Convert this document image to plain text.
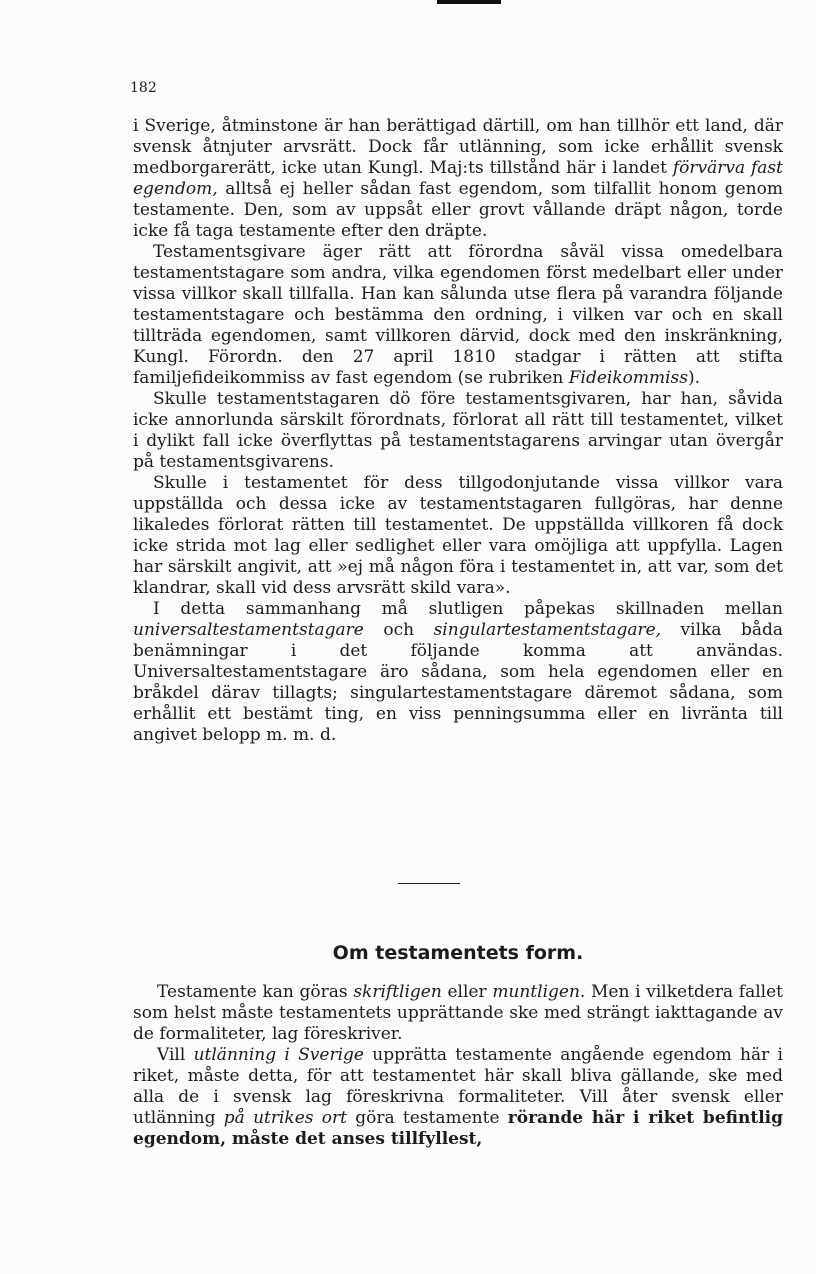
182

i Sverige, åtminstone är han berättigad därtill, om han tillhör ett land, där svensk åtnjuter arvsrätt. Dock får utlänning, som icke erhållit svensk medborgarerätt, icke utan Kungl. Maj:ts tillstånd här i landet förvärva fast egendom, alltså ej heller sådan fast egendom, som tilfallit honom genom testamente. Den, som av uppsåt eller grovt vållande dräpt någon, torde icke få taga testamente efter den dräpte.

Testamentsgivare äger rätt att förordna såväl vissa omedelbara testamentstagare som andra, vilka egendomen först medelbart eller under vissa villkor skall tillfalla. Han kan sålunda utse flera på varandra följande testamentstagare och bestämma den ordning, i vilken var och en skall tillträda egendomen, samt villkoren därvid, dock med den inskränkning, Kungl. Förordn. den 27 april 1810 stadgar i rätten att stifta familjefideikommiss av fast egendom (se rubriken Fideikommiss).

Skulle testamentstagaren dö före testamentsgivaren, har han, såvida icke annorlunda särskilt förordnats, förlorat all rätt till testamentet, vilket i dylikt fall icke överflyttas på testamentstagarens arvingar utan övergår på testamentsgivarens.

Skulle i testamentet för dess tillgodonjutande vissa villkor vara uppställda och dessa icke av testamentstagaren fullgöras, har denne likaledes förlorat rätten till testamentet. De uppställda villkoren få dock icke strida mot lag eller sedlighet eller vara omöjliga att uppfylla. Lagen har särskilt angivit, att »ej må någon föra i testamentet in, att var, som det klandrar, skall vid dess arvsrätt skild vara».

I detta sammanhang må slutligen påpekas skillnaden mellan universaltestamentstagare och singulartestamentstagare, vilka båda benämningar i det följande komma att användas. Universaltestamentstagare äro sådana, som hela egendomen eller en bråkdel därav tillagts; singulartestamentstagare däremot sådana, som erhållit ett bestämt ting, en viss penningsumma eller en livränta till angivet belopp m. m. d.

Om testamentets form.

Testamente kan göras skriftligen eller muntligen. Men i vilketdera fallet som helst måste testamentets upprättande ske med strängt iakttagande av de formaliteter, lag föreskriver.

Vill utlänning i Sverige upprätta testamente angående egendom här i riket, måste detta, för att testamentet här skall bliva gällande, ske med alla de i svensk lag föreskrivna formaliteter. Vill åter svensk eller utlänning på utrikes ort göra testamente rörande här i riket befintlig egendom, måste det anses tillfyllest,
